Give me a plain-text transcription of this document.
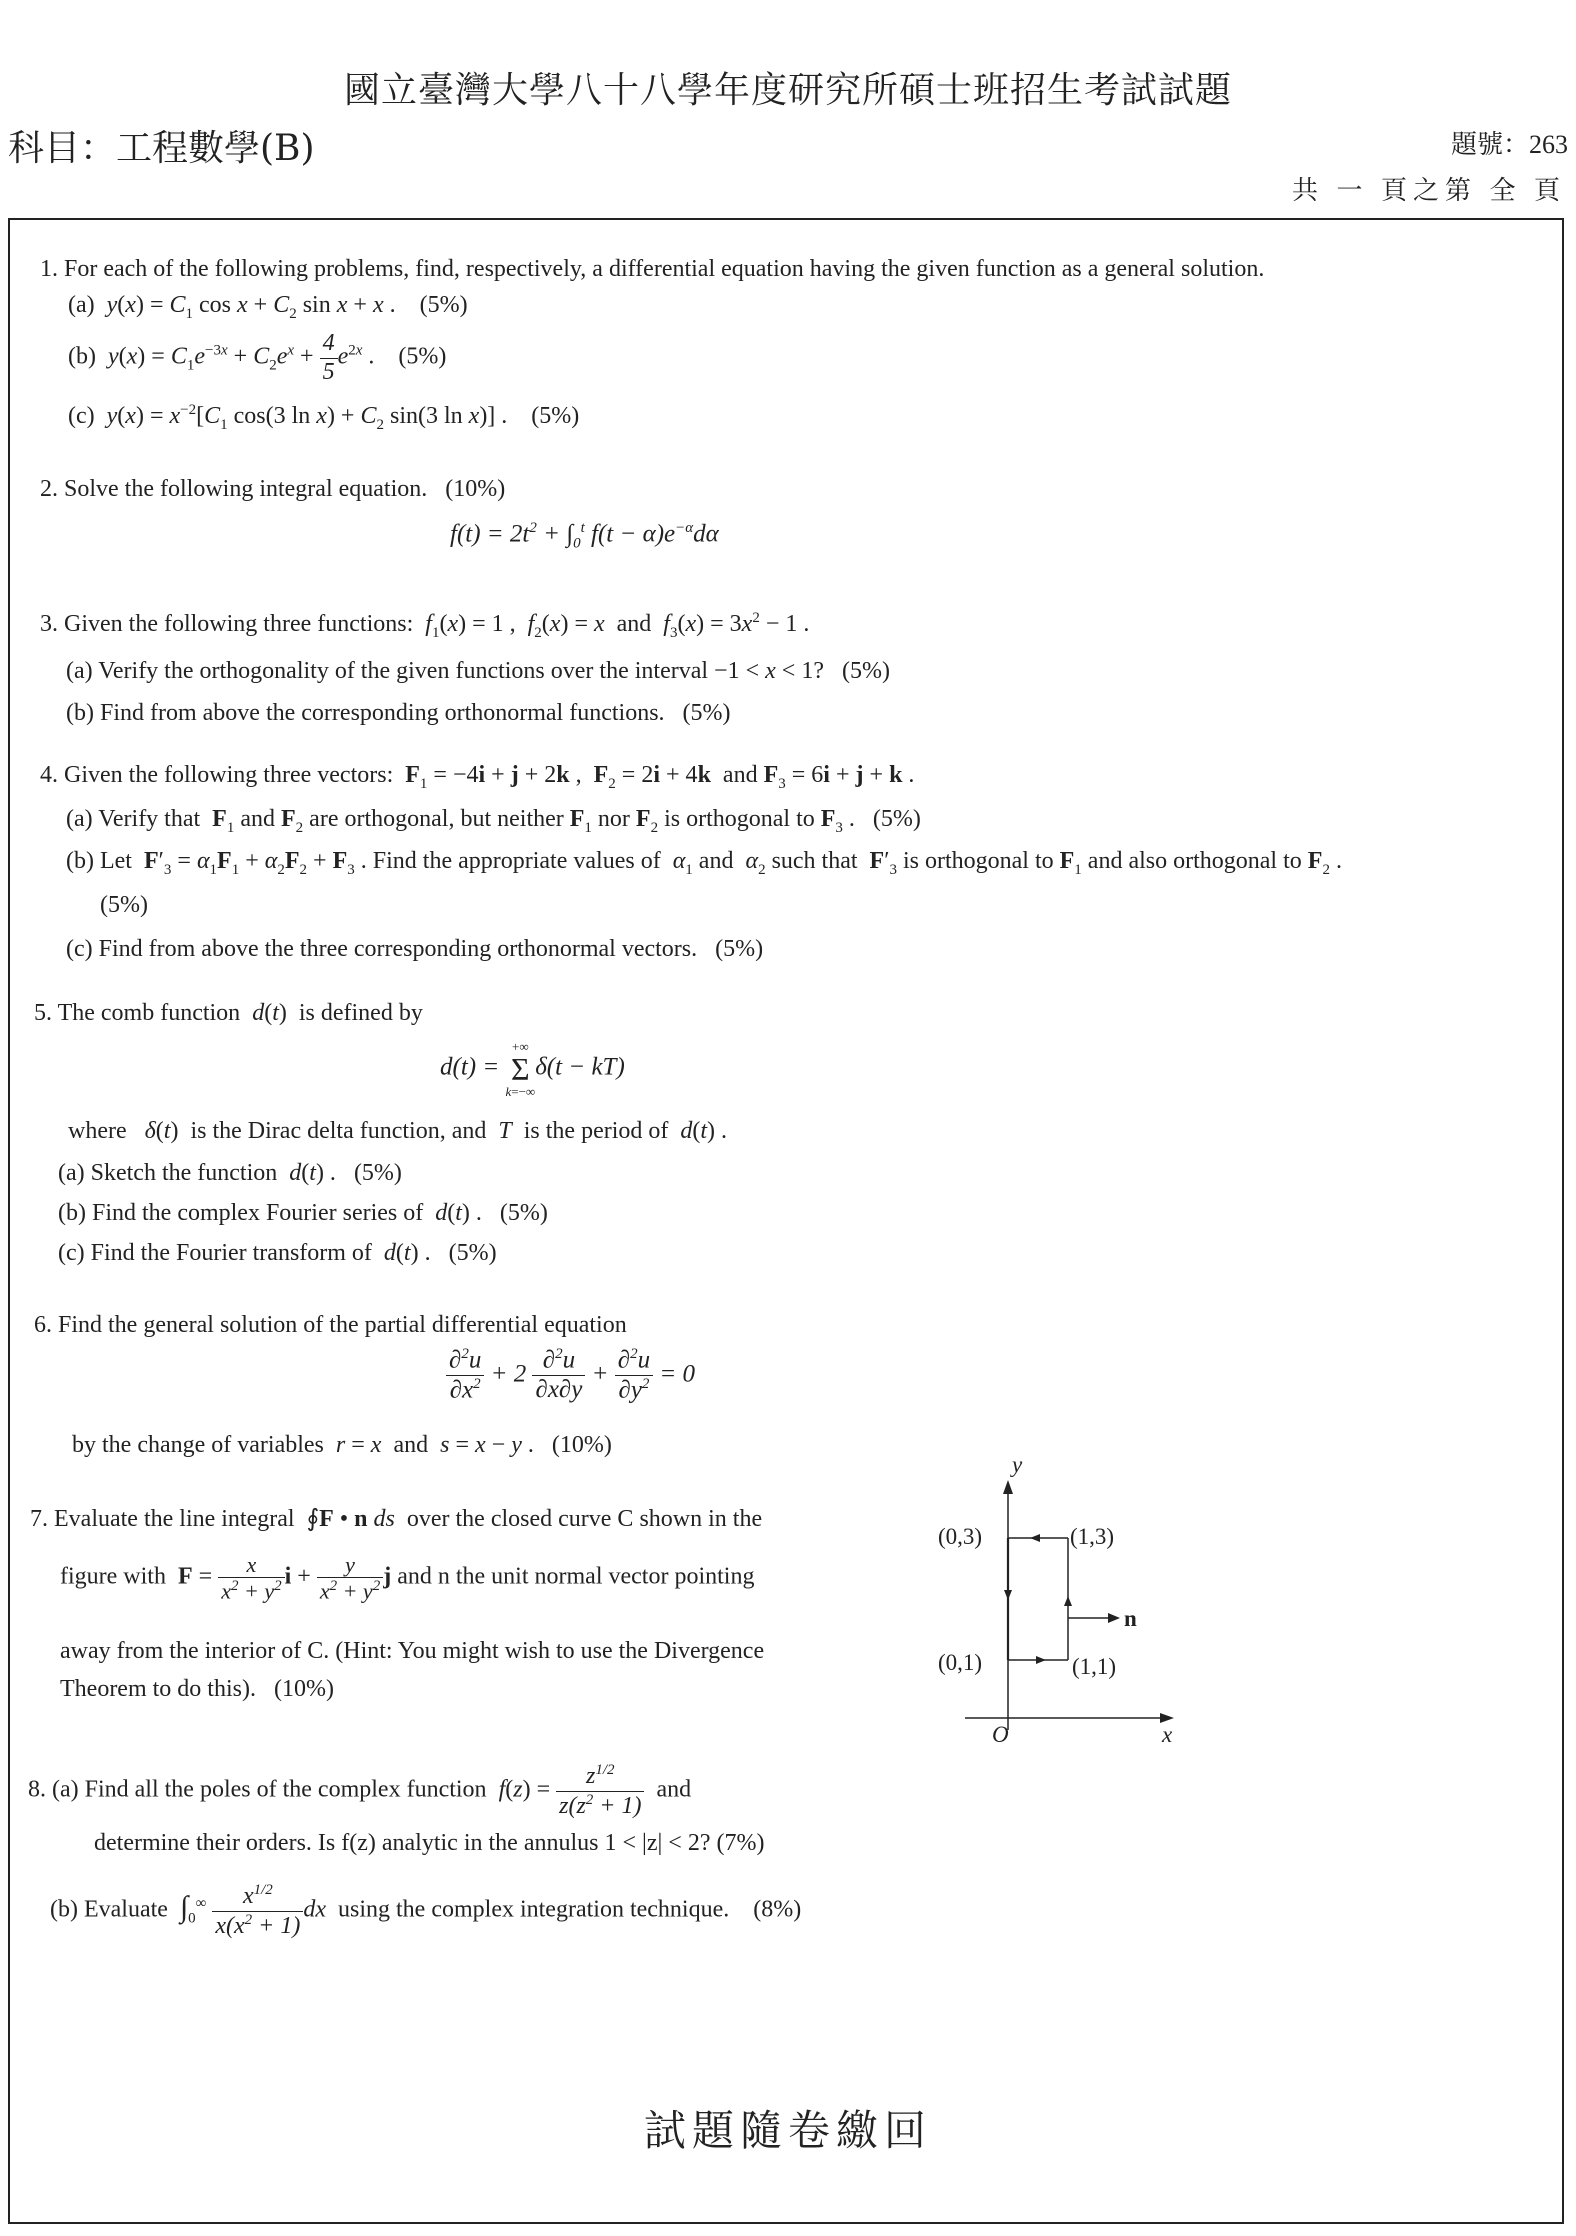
國立臺灣大學八十八學年度研究所碩士班招生考試試題
科目：工程數學(B)	題號：263
共 一 頁之第 全 頁
1. For each of the following problems, find, respectively, a differential equation having the given function as a general solution.
(a) $y(x) = C_1$ $\cos x + C_2$ sin x + x .    (5%)
(b) $y(x) = C_1e^{-3x} + C_2e^x + \frac{4}{5} e^{2x}$ .    (5%)
(c) $y(x) = x^{-2}[C_1$ cos(3 $\ln x) + C_2$ sin(3 ln x)] .    (5%)
2. Solve the following integral equation. (10%)
$f(t) = 2t^2 + \int_0^t$ $f(t - \alpha)e^{-\alpha}d\alpha$
3. Given the following three functions: $f_1(x) = 1$ ,  $f_2(x) = x$  and  $f_3(x) = 3x^2 - 1$ .
(a) Verify the orthogonality of the given functions over the interval −1 < x < 1?   (5%)
(b) Find from above the corresponding orthonormal functions. (5%)
4. Given the following three vectors: $F_1 = -4i + j + 2k$ ,  $F_2 = 2i + 4k$  and $F_3 = 6i + j + k$ .
(a) Verify that $F_1$ and $F_2$ are orthogonal, but neither $F_1$ nor $F_2$ is orthogonal to $F_3$ .   (5%)
(b) Let $F'_3 = \alpha_1F_1 + \alpha_2F_2 + F_3$ . Find the appropriate values of $\alpha_1$ and  $\alpha_2$ such that  $F'_3$ is orthogonal to $F_1$ and also orthogonal to $F_2$ .
(5%)
(c) Find from above the three corresponding orthonormal vectors. (5%)
5. The comb function d(t)  is defined by
d(t) =
+∞
Σ
k=−∞
δ(t − kT)
where δ(t)  is the Dirac delta function, and T is the period of d(t) .
(a) Sketch the function d(t) .   (5%)
(b) Find the complex Fourier series of d(t) .   (5%)
(c) Find the Fourier transform of d(t) .   (5%)
6. Find the general solution of the partial differential equation
$\frac{\partial^2u}{\partial x^2} + 2 \frac{\partial^2u}{\partial x\partial y} + \frac{\partial^2u}{\partial y^2} = 0$
by the change of variables r = x and s = x − y .   (10%)
7. Evaluate the line integral  ∮F • n ds over the closed curve C shown in the
figure with $F = \frac{x}{x^2 + y^2}$ $i + \frac{y}{x^2 + y^2}$ j and n the unit normal vector pointing
away from the interior of C. (Hint: You might wish to use the Divergence
Theorem to do this). (10%)
y
x
O
(0,3)	(1,3)
(0,1)	(1,1)
n
8. (a) Find all the poles of the complex function $f(z) = \frac{z^{1/2}}{z(z^2 + 1)}$ and
determine their orders. Is f(z) analytic in the annulus 1 < |z| < 2? (7%)
(b) Evaluate $\int_0^\infty \frac{x^{1/2}}{x(x^2 + 1)}$ dx using the complex integration technique. (8%)
試題隨卷繳回
